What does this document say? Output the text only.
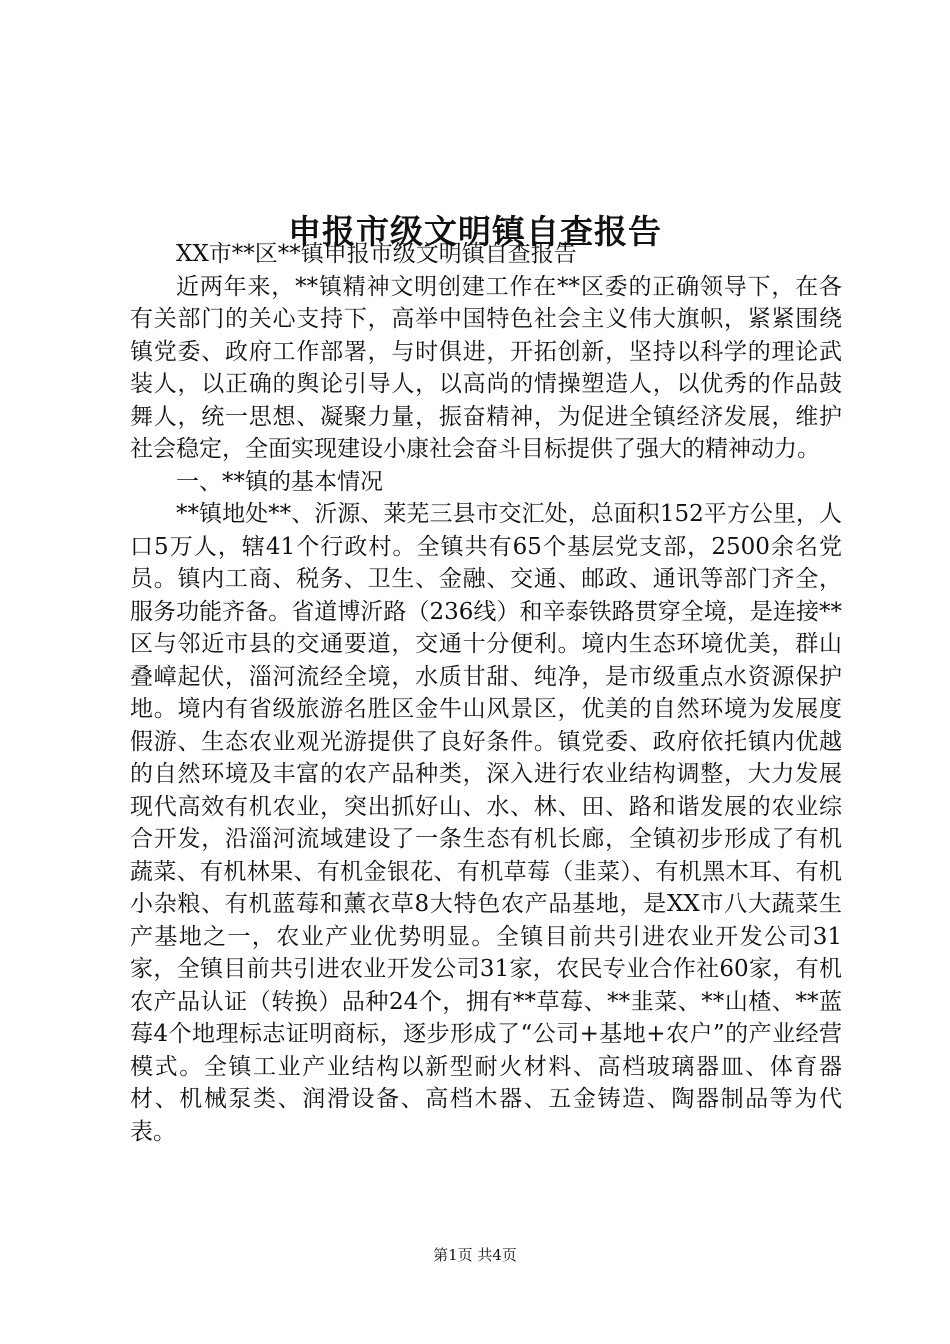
申报市级文明镇自查报告

XX市**区**镇申报市级文明镇自查报告

近两年来，**镇精神文明创建工作在**区委的正确领导下，在各有关部门的关心支持下，高举中国特色社会主义伟大旗帜，紧紧围绕镇党委、政府工作部署，与时俱进，开拓创新，坚持以科学的理论武装人，以正确的舆论引导人，以高尚的情操塑造人，以优秀的作品鼓舞人，统一思想、凝聚力量，振奋精神，为促进全镇经济发展，维护社会稳定，全面实现建设小康社会奋斗目标提供了强大的精神动力。

一、**镇的基本情况

**镇地处**、沂源、莱芜三县市交汇处，总面积152平方公里，人口5万人，辖41个行政村。全镇共有65个基层党支部，2500余名党员。镇内工商、税务、卫生、金融、交通、邮政、通讯等部门齐全，服务功能齐备。省道博沂路（236线）和辛泰铁路贯穿全境，是连接**区与邻近市县的交通要道，交通十分便利。境内生态环境优美，群山叠嶂起伏，淄河流经全境，水质甘甜、纯净，是市级重点水资源保护地。境内有省级旅游名胜区金牛山风景区，优美的自然环境为发展度假游、生态农业观光游提供了良好条件。镇党委、政府依托镇内优越的自然环境及丰富的农产品种类，深入进行农业结构调整，大力发展现代高效有机农业，突出抓好山、水、林、田、路和谐发展的农业综合开发，沿淄河流域建设了一条生态有机长廊，全镇初步形成了有机蔬菜、有机林果、有机金银花、有机草莓（韭菜）、有机黑木耳、有机小杂粮、有机蓝莓和薰衣草8大特色农产品基地，是XX市八大蔬菜生产基地之一，农业产业优势明显。全镇目前共引进农业开发公司31家，全镇目前共引进农业开发公司31家，农民专业合作社60家，有机农产品认证（转换）品种24个，拥有**草莓、**韭菜、**山楂、**蓝莓4个地理标志证明商标，逐步形成了“公司+基地+农户”的产业经营模式。全镇工业产业结构以新型耐火材料、高档玻璃器皿、体育器材、机械泵类、润滑设备、高档木器、五金铸造、陶器制品等为代表。

第1页 共4页
